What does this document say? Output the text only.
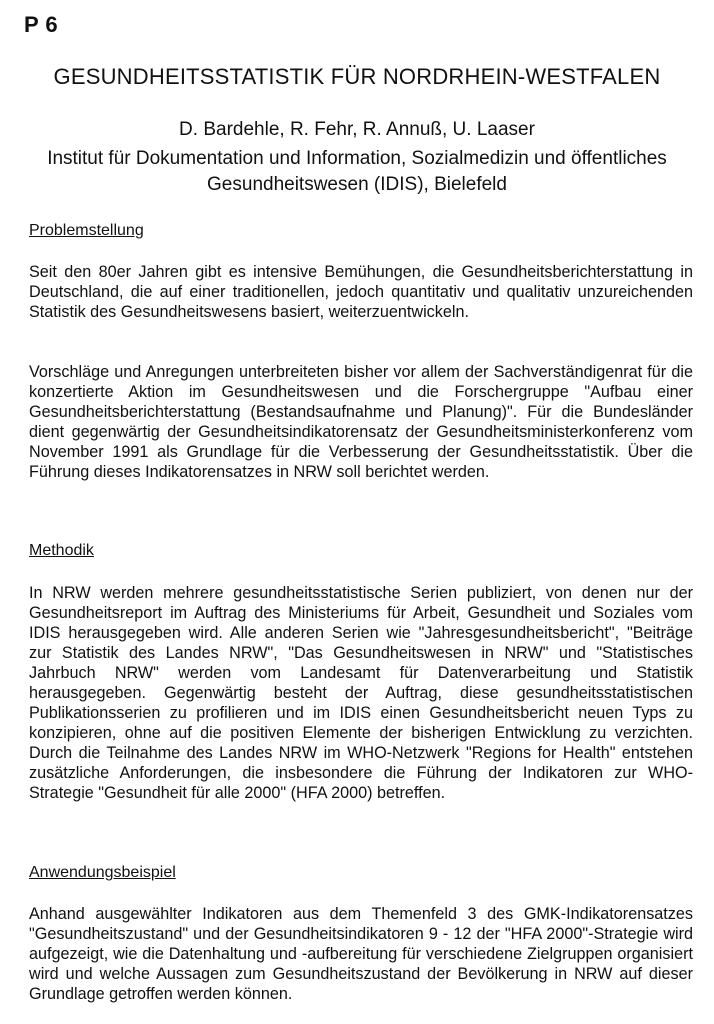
P 6
GESUNDHEITSSTATISTIK FÜR NORDRHEIN-WESTFALEN
D. Bardehle, R. Fehr, R. Annuß, U. Laaser
Institut für Dokumentation und Information, Sozialmedizin und öffentliches Gesundheitswesen (IDIS), Bielefeld
Problemstellung
Seit den 80er Jahren gibt es intensive Bemühungen, die Gesundheitsberichterstattung in Deutschland, die auf einer traditionellen, jedoch quantitativ und qualitativ unzureichenden Statistik des Gesundheitswesens basiert, weiterzuentwickeln.
Vorschläge und Anregungen unterbreiteten bisher vor allem der Sachverständigenrat für die konzertierte Aktion im Gesundheitswesen und die Forschergruppe "Aufbau einer Gesundheitsberichterstattung (Bestandsaufnahme und Planung)". Für die Bundesländer dient gegenwärtig der Gesundheitsindikatorensatz der Gesundheitsministerkonferenz vom November 1991 als Grundlage für die Verbesserung der Gesundheitsstatistik. Über die Führung dieses Indikatorensatzes in NRW soll berichtet werden.
Methodik
In NRW werden mehrere gesundheitsstatistische Serien publiziert, von denen nur der Gesundheitsreport im Auftrag des Ministeriums für Arbeit, Gesundheit und Soziales vom IDIS herausgegeben wird. Alle anderen Serien wie "Jahresgesundheitsbericht", "Beiträge zur Statistik des Landes NRW", "Das Gesundheitswesen in NRW" und "Statistisches Jahrbuch NRW" werden vom Landesamt für Datenverarbeitung und Statistik herausgegeben. Gegenwärtig besteht der Auftrag, diese gesundheitsstatistischen Publikationsserien zu profilieren und im IDIS einen Gesundheitsbericht neuen Typs zu konzipieren, ohne auf die positiven Elemente der bisherigen Entwicklung zu verzichten. Durch die Teilnahme des Landes NRW im WHO-Netzwerk "Regions for Health" entstehen zusätzliche Anforderungen, die insbesondere die Führung der Indikatoren zur WHO-Strategie "Gesundheit für alle 2000" (HFA 2000) betreffen.
Anwendungsbeispiel
Anhand ausgewählter Indikatoren aus dem Themenfeld 3 des GMK-Indikatorensatzes "Gesundheitszustand" und der Gesundheitsindikatoren 9 - 12 der "HFA 2000"-Strategie wird aufgezeigt, wie die Datenhaltung und -aufbereitung für verschiedene Zielgruppen organisiert wird und welche Aussagen zum Gesundheitszustand der Bevölkerung in NRW auf dieser Grundlage getroffen werden können.
